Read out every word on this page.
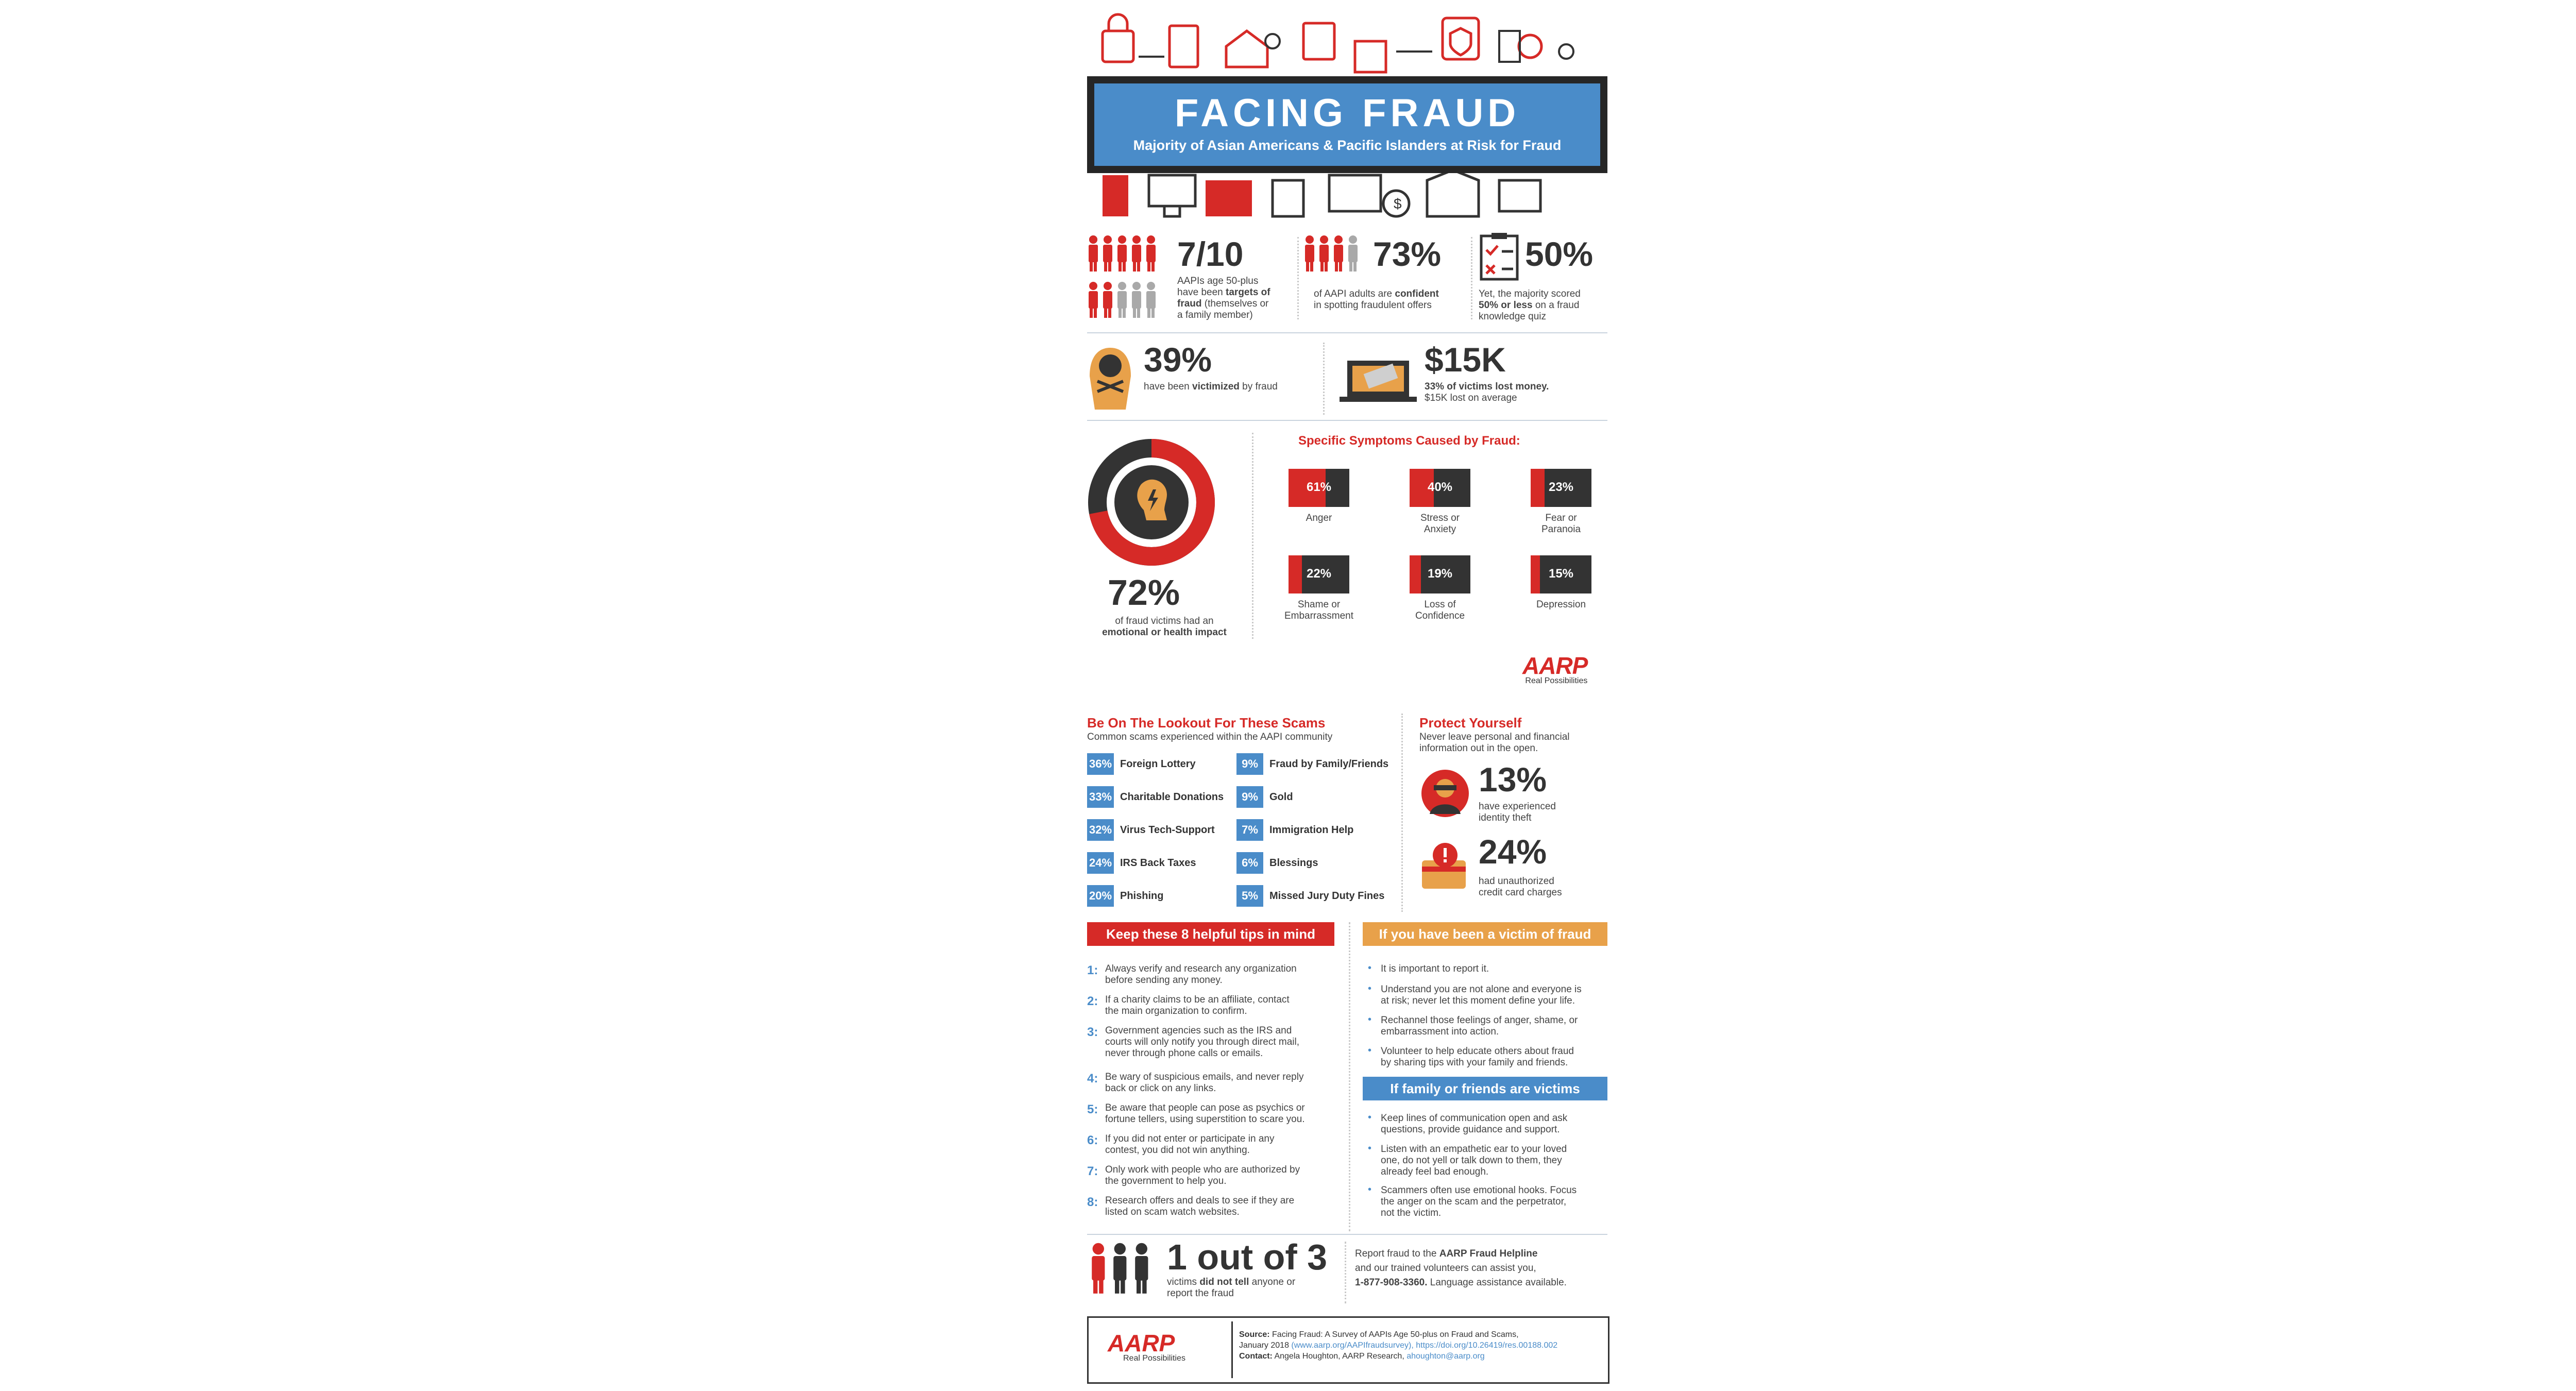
$
FACING FRAUD
Majority of Asian Americans & Pacific Islanders at Risk for Fraud
7/10
AAPIs age 50-plus
have been targets of
fraud (themselves or
a family member)
73%
of AAPI adults are confident
in spotting fraudulent offers
50%
Yet, the majority scored
50% or less on a fraud
knowledge quiz
39%
have been victimized by fraud
$15K
33% of victims lost money.
$15K lost on average
72%
of fraud victims had an
emotional or health impact
Specific Symptoms Caused by Fraud:
61%
Anger
40%
Stress or
Anxiety
23%
Fear or
Paranoia
22%
Shame or
Embarrassment
19%
Loss of
Confidence
15%
Depression
AARP
Real Possibilities
Be On The Lookout For These Scams
Common scams experienced within the AAPI community
36% Foreign Lottery
33% Charitable Donations
32% Virus Tech-Support
24% IRS Back Taxes
20% Phishing
9%	Fraud by Family/Friends
9%	Gold
7%	Immigration Help
6%	Blessings
5%	Missed Jury Duty Fines
Protect Yourself
Never leave personal and financial
information out in the open.
13%
have experienced
identity theft
24%
had unauthorized
credit card charges
Keep these 8 helpful tips in mind
1: Always verify and research any organization
before sending any money.
2: If a charity claims to be an affiliate, contact
the main organization to confirm.
3: Government agencies such as the IRS and
courts will only notify you through direct mail,
never through phone calls or emails.
4: Be wary of suspicious emails, and never reply
back or click on any links.
5: Be aware that people can pose as psychics or
fortune tellers, using superstition to scare you.
6: If you did not enter or participate in any
contest, you did not win anything.
7: Only work with people who are authorized by
the government to help you.
8: Research offers and deals to see if they are
listed on scam watch websites.
If you have been a victim of fraud
• It is important to report it.
• Understand you are not alone and everyone is
at risk; never let this moment define your life.
• Rechannel those feelings of anger, shame, or
embarrassment into action.
• Volunteer to help educate others about fraud
by sharing tips with your family and friends.
If family or friends are victims
• Keep lines of communication open and ask
questions, provide guidance and support.
• Listen with an empathetic ear to your loved
one, do not yell or talk down to them, they
already feel bad enough.
• Scammers often use emotional hooks. Focus
the anger on the scam and the perpetrator,
not the victim.
1 out of 3
victims did not tell anyone or
report the fraud
Report fraud to the AARP Fraud Helpline
and our trained volunteers can assist you,
1-877-908-3360. Language assistance available.
AARP
Real Possibilities
Source: Facing Fraud: A Survey of AAPIs Age 50-plus on Fraud and Scams,
January 2018 (www.aarp.org/AAPIfraudsurvey), https://doi.org/10.26419/res.00188.002
Contact: Angela Houghton, AARP Research, ahoughton@aarp.org
